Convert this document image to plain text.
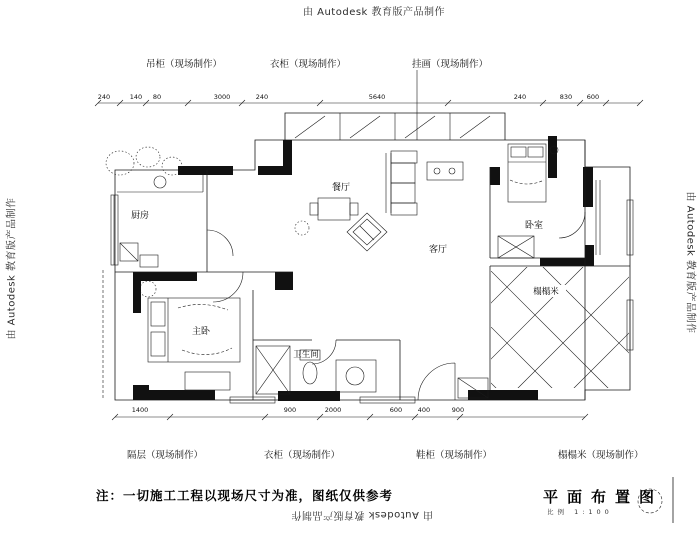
由 Autodesk 教育版产品制作
由 Autodesk 教育版产品制作	由 Autodesk 教育版产品制作
由 Autodesk 教育版产品制作
吊柜（现场制作）	衣柜（现场制作）	挂画（现场制作）
隔层（现场制作）	衣柜（现场制作）	鞋柜（现场制作）	榻榻米（现场制作）
注：一切施工工程以现场尺寸为准，图纸仅供参考	平面布置图
比例 1:100
240	140 80	3000	240	5640	240	830 600
1400	900	2000	600 400	900
厨房
餐厅
客厅
卧室
主卧
卫生间
榻榻米
